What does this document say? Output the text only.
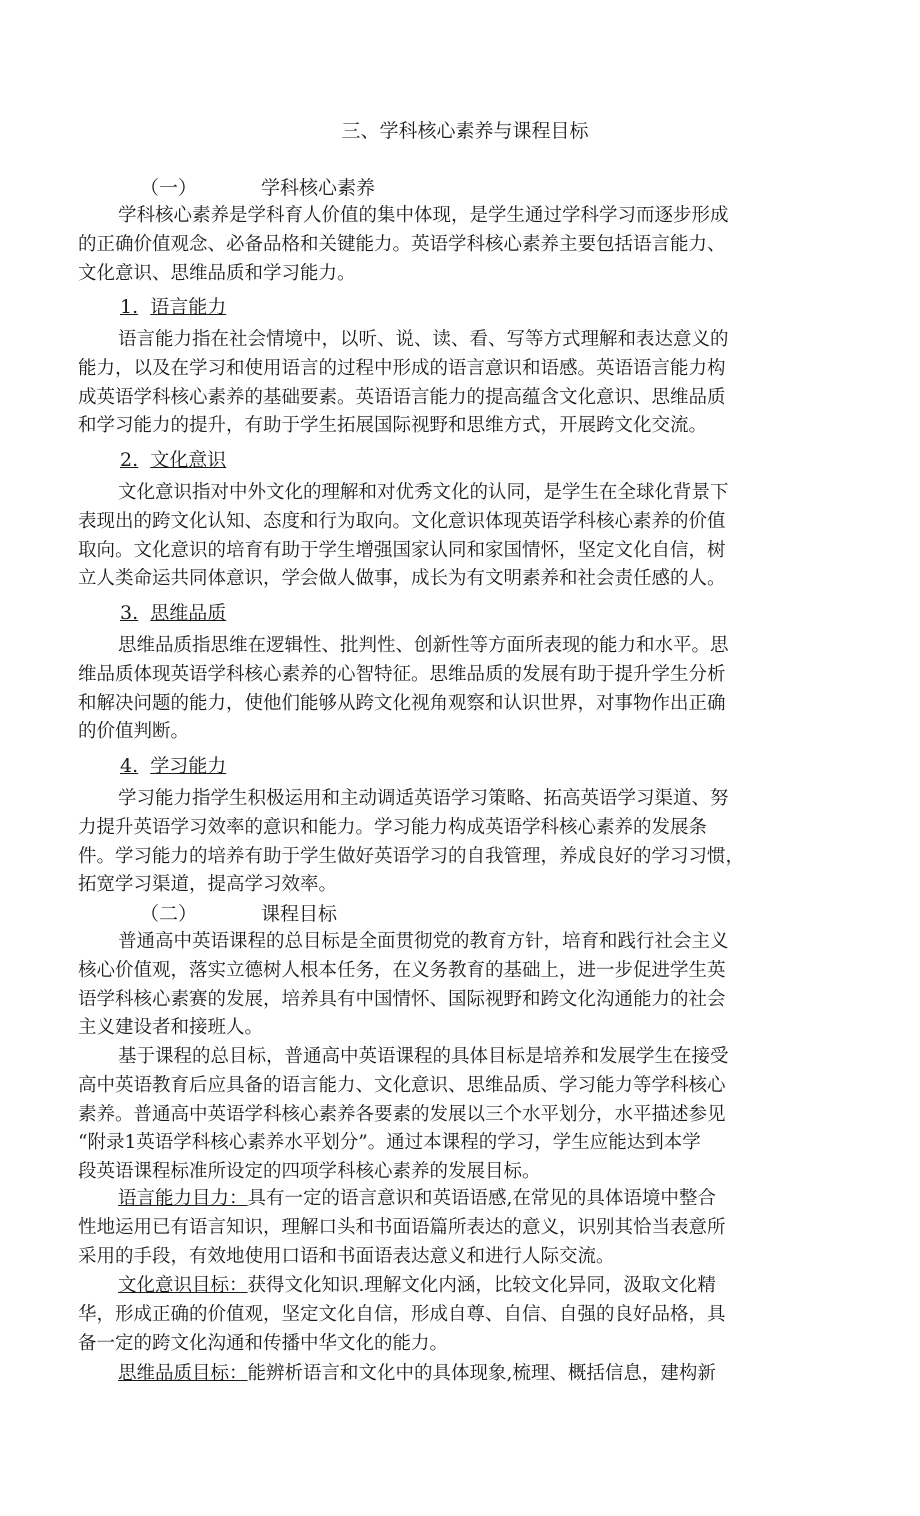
三、学科核心素养与课程目标
（一）	学科核心素养
学科核心素养是学科育人价值的集中体现，是学生通过学科学习而逐步形成
的正确价值观念、必备品格和关键能力。英语学科核心素养主要包括语言能力、
文化意识、思维品质和学习能力。
1. 语言能力
语言能力指在社会情境中，以听、说、读、看、写等方式理解和表达意义的
能力，以及在学习和使用语言的过程中形成的语言意识和语感。英语语言能力构
成英语学科核心素养的基础要素。英语语言能力的提高蕴含文化意识、思维品质
和学习能力的提升，有助于学生拓展国际视野和思维方式，开展跨文化交流。
2. 文化意识
文化意识指对中外文化的理解和对优秀文化的认同，是学生在全球化背景下
表现出的跨文化认知、态度和行为取向。文化意识体现英语学科核心素养的价值
取向。文化意识的培育有助于学生增强国家认同和家国情怀，坚定文化自信，树
立人类命运共同体意识，学会做人做事，成长为有文明素养和社会责任感的人。
3. 思维品质
思维品质指思维在逻辑性、批判性、创新性等方面所表现的能力和水平。思
维品质体现英语学科核心素养的心智特征。思维品质的发展有助于提升学生分析
和解决问题的能力，使他们能够从跨文化视角观察和认识世界，对事物作出正确
的价值判断。
4. 学习能力
学习能力指学生积极运用和主动调适英语学习策略、拓高英语学习渠道、努
力提升英语学习效率的意识和能力。学习能力构成英语学科核心素养的发展条
件。学习能力的培养有助于学生做好英语学习的自我管理，养成良好的学习习惯，
拓宽学习渠道，提高学习效率。
（二）	课程目标
普通高中英语课程的总目标是全面贯彻党的教育方针，培育和践行社会主义
核心价值观，落实立德树人根本任务，在义务教育的基础上，进一步促进学生英
语学科核心素赛的发展，培养具有中国情怀、国际视野和跨文化沟通能力的社会
主义建设者和接班人。
基于课程的总目标，普通高中英语课程的具体目标是培养和发展学生在接受
高中英语教育后应具备的语言能力、文化意识、思维品质、学习能力等学科核心
素养。普通高中英语学科核心素养各要素的发展以三个水平划分，水平描述参见
“附录1英语学科核心素养水平划分”。通过本课程的学习，学生应能达到本学
段英语课程标准所设定的四项学科核心素养的发展目标。
语言能力目力：具有一定的语言意识和英语语感,在常见的具体语境中整合
性地运用已有语言知识，理解口头和书面语篇所表达的意义，识别其恰当表意所
采用的手段，有效地使用口语和书面语表达意义和进行人际交流。
文化意识目标：获得文化知识.理解文化内涵，比较文化异同，汲取文化精
华，形成正确的价值观，坚定文化自信，形成自尊、自信、自强的良好品格，具
备一定的跨文化沟通和传播中华文化的能力。
思维品质目标：能辨析语言和文化中的具体现象,梳理、概括信息，建构新
